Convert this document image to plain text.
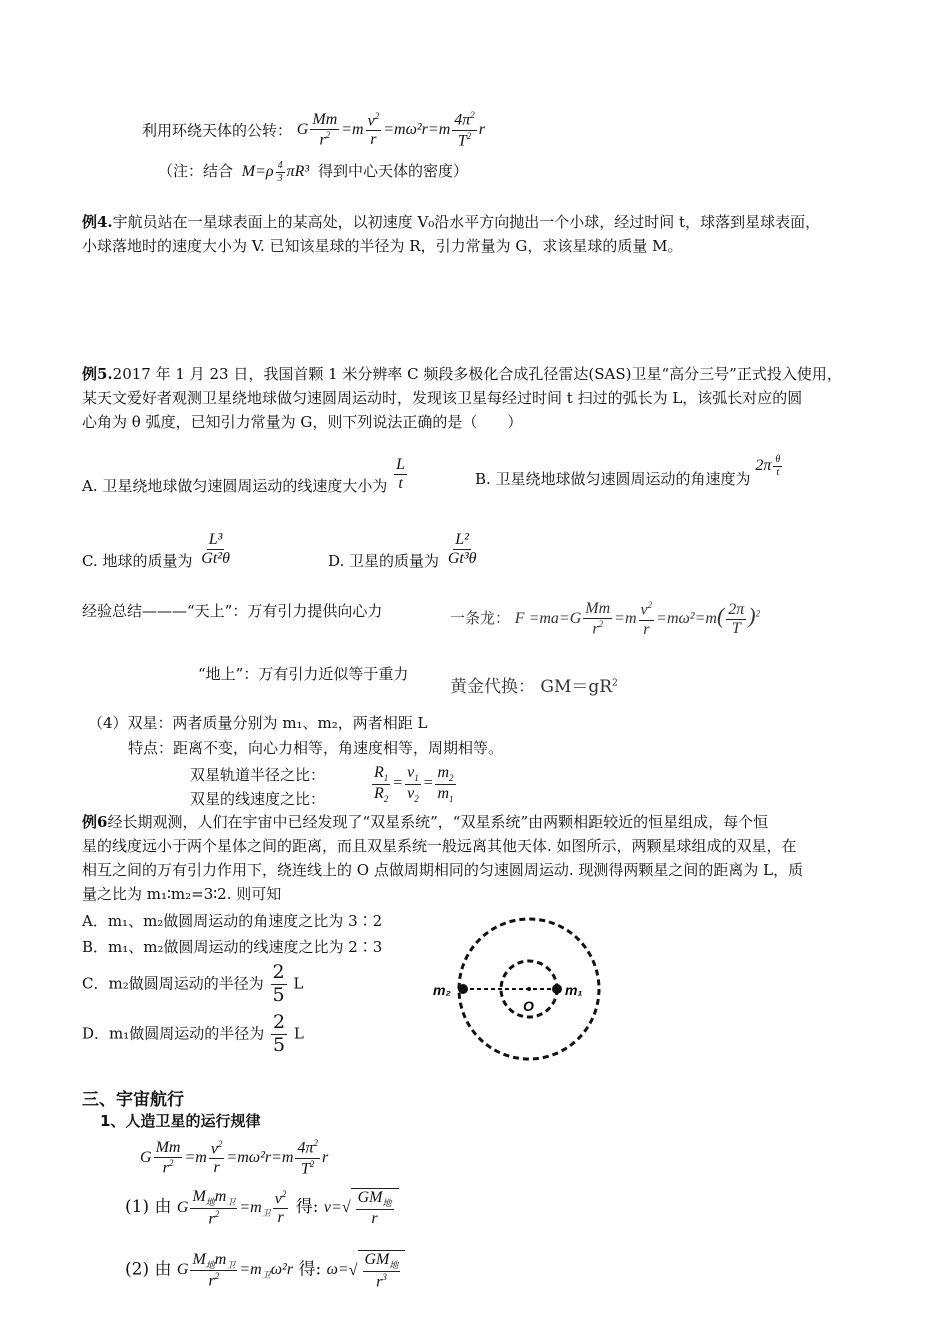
利用环绕天体的公转： G $\frac{Mm}{r^2} =m \frac{v^2}{r} =m\omega^2r=m \frac{4\pi^2}{T^2}$ r
（注：结合 $M=\rho \frac{4}{3} \pi R^3$ 得到中心天体的密度）
例4.宇航员站在一星球表面上的某高处，以初速度 V₀沿水平方向抛出一个小球，经过时间 t，球落到星球表面，
小球落地时的速度大小为 V. 已知该星球的半径为 R，引力常量为 G，求该星球的质量 M。
例5.2017 年 1 月 23 日，我国首颗 1 米分辨率 C 频段多极化合成孔径雷达(SAS)卫星“高分三号”正式投入使用，
某天文爱好者观测卫星绕地球做匀速圆周运动时，发现该卫星每经过时间 t 扫过的弧长为 L，该弧长对应的圆
心角为 θ 弧度，已知引力常量为 G，则下列说法正确的是（　　）
A. 卫星绕地球做匀速圆周运动的线速度大小为 $\frac{L}{t}$	B. 卫星绕地球做匀速圆周运动的角速度为 $2\pi \frac{\theta}{t}$
C. 地球的质量为 $\frac{\text{L³}}{\text{Gt²θ}}$	D. 卫星的质量为 $\frac{\text{L²}}{\text{Gt³θ}}$
经验总结———“天上”：万有引力提供向心力
“地上”：万有引力近似等于重力
一条龙： $F =ma=G \frac{Mm}{r^2} =m \frac{v^2}{r} =m\omega^2=m( \frac{2\pi}{T} )^2$
黄金代换： $GM=gR^2$
（4）双星：两者质量分别为 m₁、m₂，两者相距 L
特点：距离不变，向心力相等，角速度相等，周期相等。
双星轨道半径之比：
双星的线速度之比：	$\frac{R_1}{R_2} = \frac{v_1}{v_2} = \frac{m_2}{m_1}$
例6经长期观测，人们在宇宙中已经发现了“双星系统”，“双星系统”由两颗相距较近的恒星组成，每个恒
星的线度远小于两个星体之间的距离，而且双星系统一般远离其他天体. 如图所示，两颗星球组成的双星，在
相互之间的万有引力作用下，绕连线上的 O 点做周期相同的匀速圆周运动. 现测得两颗星之间的距离为 L，质
量之比为 m₁∶m₂=3∶2. 则可知
A．m₁、m₂做圆周运动的角速度之比为 3∶2
B．m₁、m₂做圆周运动的线速度之比为 2∶3
C．m₂做圆周运动的半径为 $\frac{2}{5}$ L
D．m₁做圆周运动的半径为 $\frac{2}{5}$ L
m₂	m₁
O
三、宇宙航行
1、人造卫星的运行规律
G $\frac{Mm}{r^2} =m \frac{v^2}{r} =m\omega^2r=m \frac{4\pi^2}{T^2}$ r
(1) 由 G $\frac{M_地m_卫}{r^2} =m_卫 \frac{v^2}{r}$ 得: $v=√ \frac{GM_地}{r}$
(2) 由 G $\frac{M_地m_卫}{r^2} =m_卫\omega^2r$ 得: $\omega=√ \frac{GM_地}{r^3}$
